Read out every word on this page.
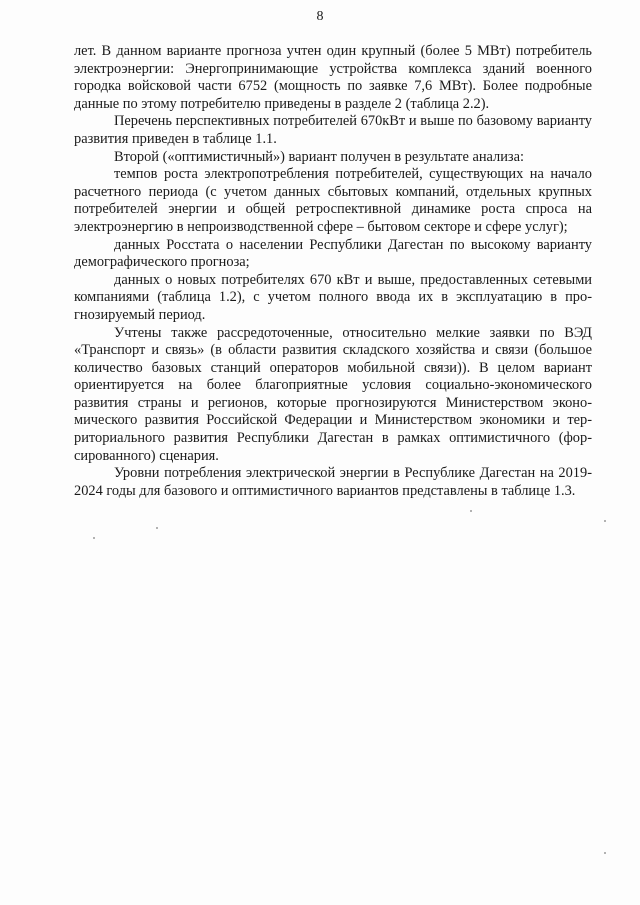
8

лет. В данном варианте прогноза учтен один крупный (более 5 МВт) потребитель электроэнергии: Энергопринимающие устройства комплекса зданий военного городка войсковой части 6752 (мощность по заявке 7,6 МВт). Более подробные данные по этому потребителю приведены в разделе 2 (таблица 2.2).

Перечень перспективных потребителей 670кВт и выше по базовому варианту развития приведен в таблице 1.1.

Второй («оптимистичный») вариант получен в результате анализа:

темпов роста электропотребления потребителей, существующих на начало расчетного периода (с учетом данных сбытовых компаний, отдельных крупных потребителей энергии и общей ретроспективной динамике роста спроса на электроэнергию в непроизводственной сфере – бытовом секторе и сфере услуг);

данных Росстата о населении Республики Дагестан по высокому варианту демографического прогноза;

данных о новых потребителях 670 кВт и выше, предоставленных сетевыми компаниями (таблица 1.2), с учетом полного ввода их в эксплуатацию в прогнозируемый период.

Учтены также рассредоточенные, относительно мелкие заявки по ВЭД «Транспорт и связь» (в области развития складского хозяйства и связи (большое количество базовых станций операторов мобильной связи)). В целом вариант ориентируется на более благоприятные условия социально-экономического развития страны и регионов, которые прогнозируются Министерством экономического развития Российской Федерации и Министерством экономики и территориального развития Республики Дагестан в рамках оптимистичного (форсированного) сценария.

Уровни потребления электрической энергии в Республике Дагестан на 2019-2024 годы для базового и оптимистичного вариантов представлены в таблице 1.3.
